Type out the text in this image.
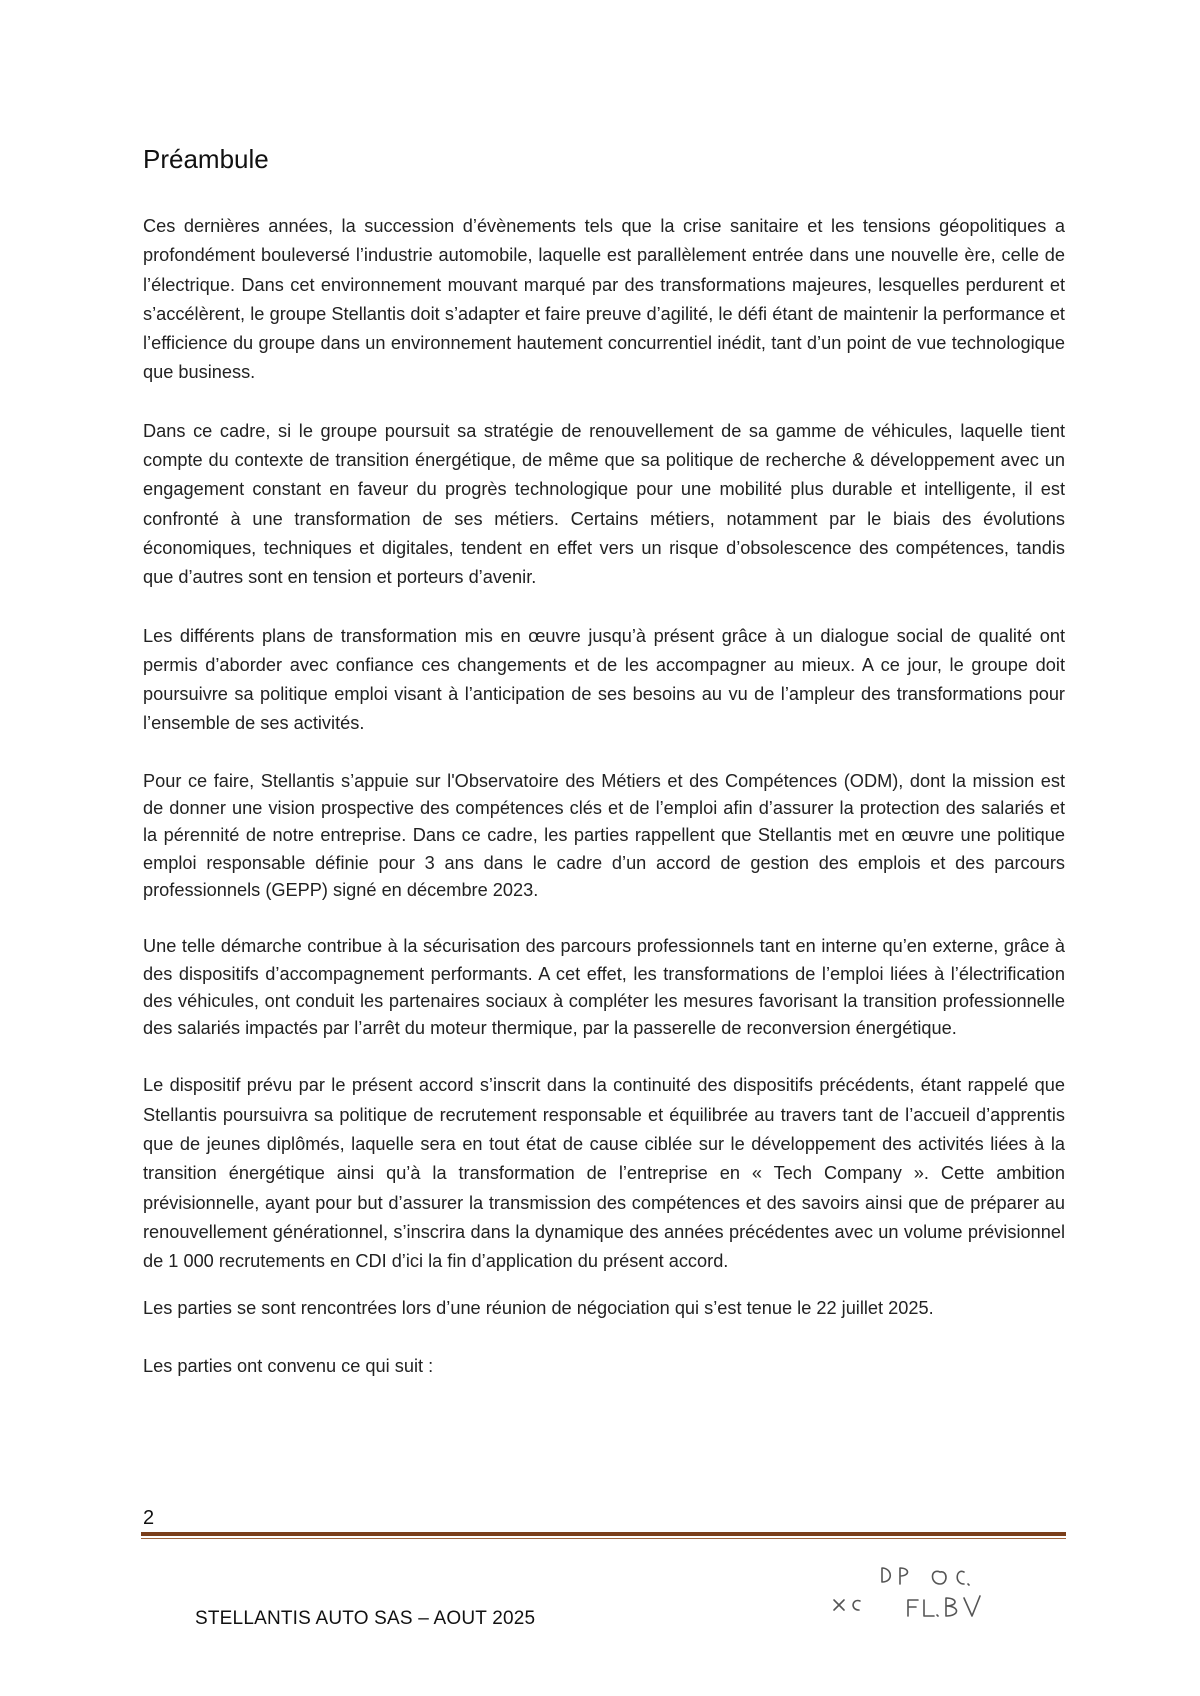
Préambule

Ces dernières années, la succession d’évènements tels que la crise sanitaire et les tensions géopolitiques a profondément bouleversé l’industrie automobile, laquelle est parallèlement entrée dans une nouvelle ère, celle de l’électrique. Dans cet environnement mouvant marqué par des transformations majeures, lesquelles perdurent et s’accélèrent, le groupe Stellantis doit s’adapter et faire preuve d’agilité, le défi étant de maintenir la performance et l’efficience du groupe dans un environnement hautement concurrentiel inédit, tant d’un point de vue technologique que business.

Dans ce cadre, si le groupe poursuit sa stratégie de renouvellement de sa gamme de véhicules, laquelle tient compte du contexte de transition énergétique, de même que sa politique de recherche & développement avec un engagement constant en faveur du progrès technologique pour une mobilité plus durable et intelligente, il est confronté à une transformation de ses métiers. Certains métiers, notamment par le biais des évolutions économiques, techniques et digitales, tendent en effet vers un risque d’obsolescence des compétences, tandis que d’autres sont en tension et porteurs d’avenir.

Les différents plans de transformation mis en œuvre jusqu’à présent grâce à un dialogue social de qualité ont permis d’aborder avec confiance ces changements et de les accompagner au mieux. A ce jour, le groupe doit poursuivre sa politique emploi visant à l’anticipation de ses besoins au vu de l’ampleur des transformations pour l’ensemble de ses activités.

Pour ce faire, Stellantis s’appuie sur l'Observatoire des Métiers et des Compétences (ODM), dont la mission est de donner une vision prospective des compétences clés et de l’emploi afin d’assurer la protection des salariés et la pérennité de notre entreprise. Dans ce cadre, les parties rappellent que Stellantis met en œuvre une politique emploi responsable définie pour 3 ans dans le cadre d’un accord de gestion des emplois et des parcours professionnels (GEPP) signé en décembre 2023.

Une telle démarche contribue à la sécurisation des parcours professionnels tant en interne qu’en externe, grâce à des dispositifs d’accompagnement performants. A cet effet, les transformations de l’emploi liées à l’électrification des véhicules, ont conduit les partenaires sociaux à compléter les mesures favorisant la transition professionnelle des salariés impactés par l’arrêt du moteur thermique, par la passerelle de reconversion énergétique.

Le dispositif prévu par le présent accord s’inscrit dans la continuité des dispositifs précédents, étant rappelé que Stellantis poursuivra sa politique de recrutement responsable et équilibrée au travers tant de l’accueil d’apprentis que de jeunes diplômés, laquelle sera en tout état de cause ciblée sur le développement des activités liées à la transition énergétique ainsi qu’à la transformation de l’entreprise en « Tech Company ». Cette ambition prévisionnelle, ayant pour but d’assurer la transmission des compétences et des savoirs ainsi que de préparer au renouvellement générationnel, s’inscrira dans la dynamique des années précédentes avec un volume prévisionnel de 1 000 recrutements en CDI d’ici la fin d’application du présent accord.

Les parties se sont rencontrées lors d’une réunion de négociation qui s’est tenue le 22 juillet 2025.

Les parties ont convenu ce qui suit :

2
STELLANTIS AUTO SAS – AOUT 2025
